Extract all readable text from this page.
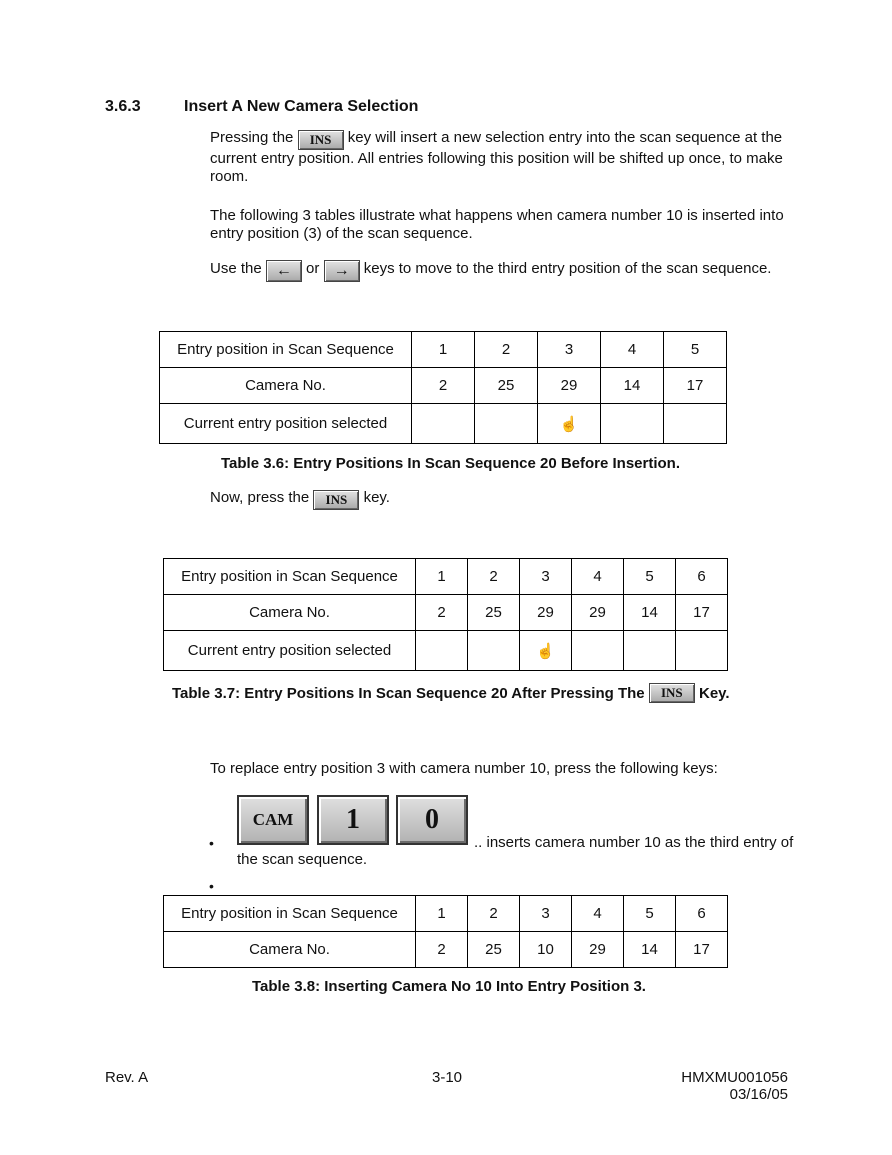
3.6.3	Insert A New Camera Selection
Pressing the INS key will insert a new selection entry into the scan sequence at the
current entry position. All entries following this position will be shifted up once, to make
room.
The following 3 tables illustrate what happens when camera number 10 is inserted into
entry position (3) of the scan sequence.
Use the ← or → keys to move to the third entry position of the scan sequence.
Entry position in Scan Sequence	1	2	3	4	5
Camera No.	2	25	29	14	17
Current entry position selected			☝		
Table 3.6: Entry Positions In Scan Sequence 20 Before Insertion.
Now, press the INS key.
Entry position in Scan Sequence	1	2	3	4	5	6
Camera No.	2	25	29	29	14	17
Current entry position selected			☝			
Table 3.7: Entry Positions In Scan Sequence 20 After Pressing The INS Key.
To replace entry position 3 with camera number 10, press the following keys:
•
CAM	1	0
.. inserts camera number 10 as the third entry of
the scan sequence.
•
Entry position in Scan Sequence	1	2	3	4	5	6
Camera No.	2	25	10	29	14	17
Table 3.8: Inserting Camera No 10 Into Entry Position 3.
Rev. A	3-10	HMXMU001056
03/16/05
